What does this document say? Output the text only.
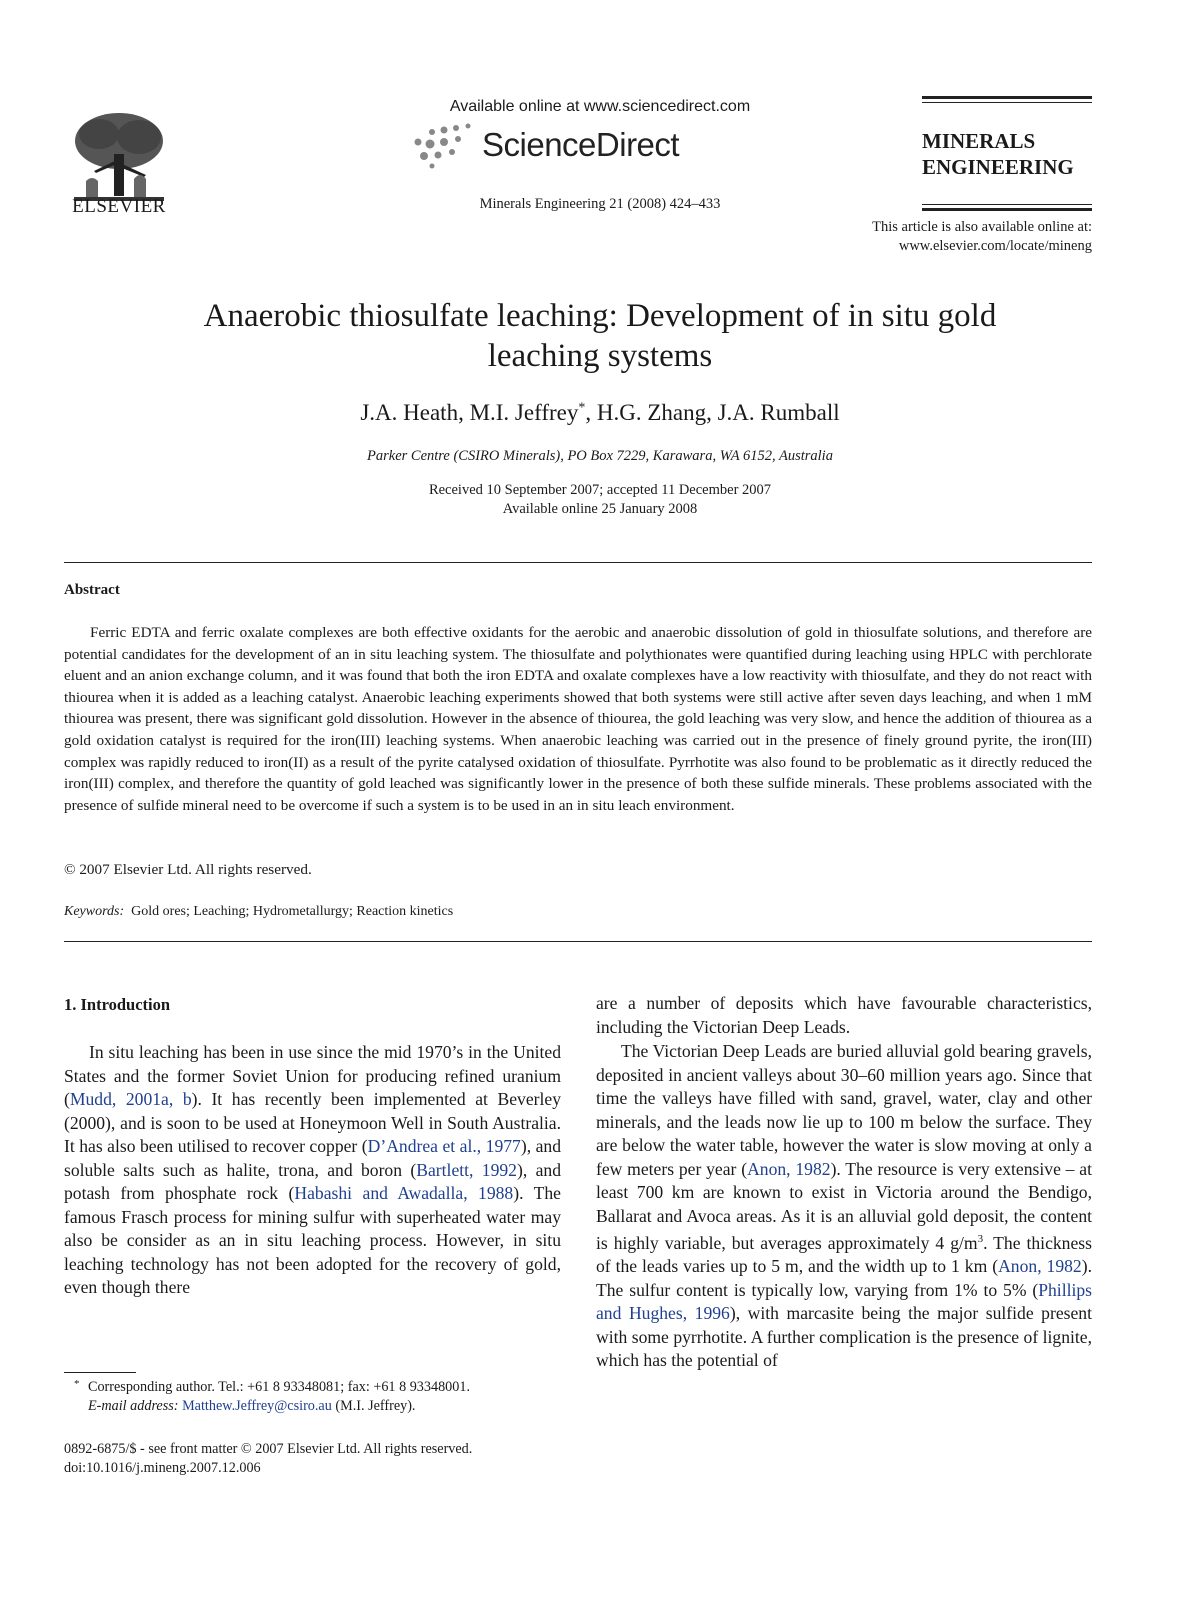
ELSEVIER
Available online at www.sciencedirect.com
ScienceDirect
Minerals Engineering 21 (2008) 424–433
MINERALS
ENGINEERING
This article is also available online at:
www.elsevier.com/locate/mineng
Anaerobic thiosulfate leaching: Development of in situ gold
leaching systems
J.A. Heath, M.I. Jeffrey*, H.G. Zhang, J.A. Rumball
Parker Centre (CSIRO Minerals), PO Box 7229, Karawara, WA 6152, Australia
Received 10 September 2007; accepted 11 December 2007
Available online 25 January 2008
Abstract

Ferric EDTA and ferric oxalate complexes are both effective oxidants for the aerobic and anaerobic dissolution of gold in thiosulfate solutions, and therefore are potential candidates for the development of an in situ leaching system. The thiosulfate and polythionates were quantified during leaching using HPLC with perchlorate eluent and an anion exchange column, and it was found that both the iron EDTA and oxalate complexes have a low reactivity with thiosulfate, and they do not react with thiourea when it is added as a leaching catalyst. Anaerobic leaching experiments showed that both systems were still active after seven days leaching, and when 1 mM thiourea was present, there was significant gold dissolution. However in the absence of thiourea, the gold leaching was very slow, and hence the addition of thiourea as a gold oxidation catalyst is required for the iron(III) leaching systems. When anaerobic leaching was carried out in the presence of finely ground pyrite, the iron(III) complex was rapidly reduced to iron(II) as a result of the pyrite catalysed oxidation of thiosulfate. Pyrrhotite was also found to be problematic as it directly reduced the iron(III) complex, and therefore the quantity of gold leached was significantly lower in the presence of both these sulfide minerals. These problems associated with the presence of sulfide mineral need to be overcome if such a system is to be used in an in situ leach environment.

© 2007 Elsevier Ltd. All rights reserved.
Keywords: Gold ores; Leaching; Hydrometallurgy; Reaction kinetics
1. Introduction

In situ leaching has been in use since the mid 1970’s in the United States and the former Soviet Union for producing refined uranium (Mudd, 2001a, b). It has recently been implemented at Beverley (2000), and is soon to be used at Honeymoon Well in South Australia. It has also been utilised to recover copper (D’Andrea et al., 1977), and soluble salts such as halite, trona, and boron (Bartlett, 1992), and potash from phosphate rock (Habashi and Awadalla, 1988). The famous Frasch process for mining sulfur with superheated water may also be consider as an in situ leaching process. However, in situ leaching technology has not been adopted for the recovery of gold, even though there

are a number of deposits which have favourable characteristics, including the Victorian Deep Leads.

The Victorian Deep Leads are buried alluvial gold bearing gravels, deposited in ancient valleys about 30–60 million years ago. Since that time the valleys have filled with sand, gravel, water, clay and other minerals, and the leads now lie up to 100 m below the surface. They are below the water table, however the water is slow moving at only a few meters per year (Anon, 1982). The resource is very extensive – at least 700 km are known to exist in Victoria around the Bendigo, Ballarat and Avoca areas. As it is an alluvial gold deposit, the content is highly variable, but averages approximately 4 $g/m^3$. The thickness of the leads varies up to 5 m, and the width up to 1 km (Anon, 1982). The sulfur content is typically low, varying from 1% to 5% (Phillips and Hughes, 1996), with marcasite being the major sulfide present with some pyrrhotite. A further complication is the presence of lignite, which has the potential of

* Corresponding author. Tel.: +61 8 93348081; fax: +61 8 93348001.
E-mail address: Matthew.Jeffrey@csiro.au (M.I. Jeffrey).
0892-6875/$ - see front matter © 2007 Elsevier Ltd. All rights reserved.
doi:10.1016/j.mineng.2007.12.006
